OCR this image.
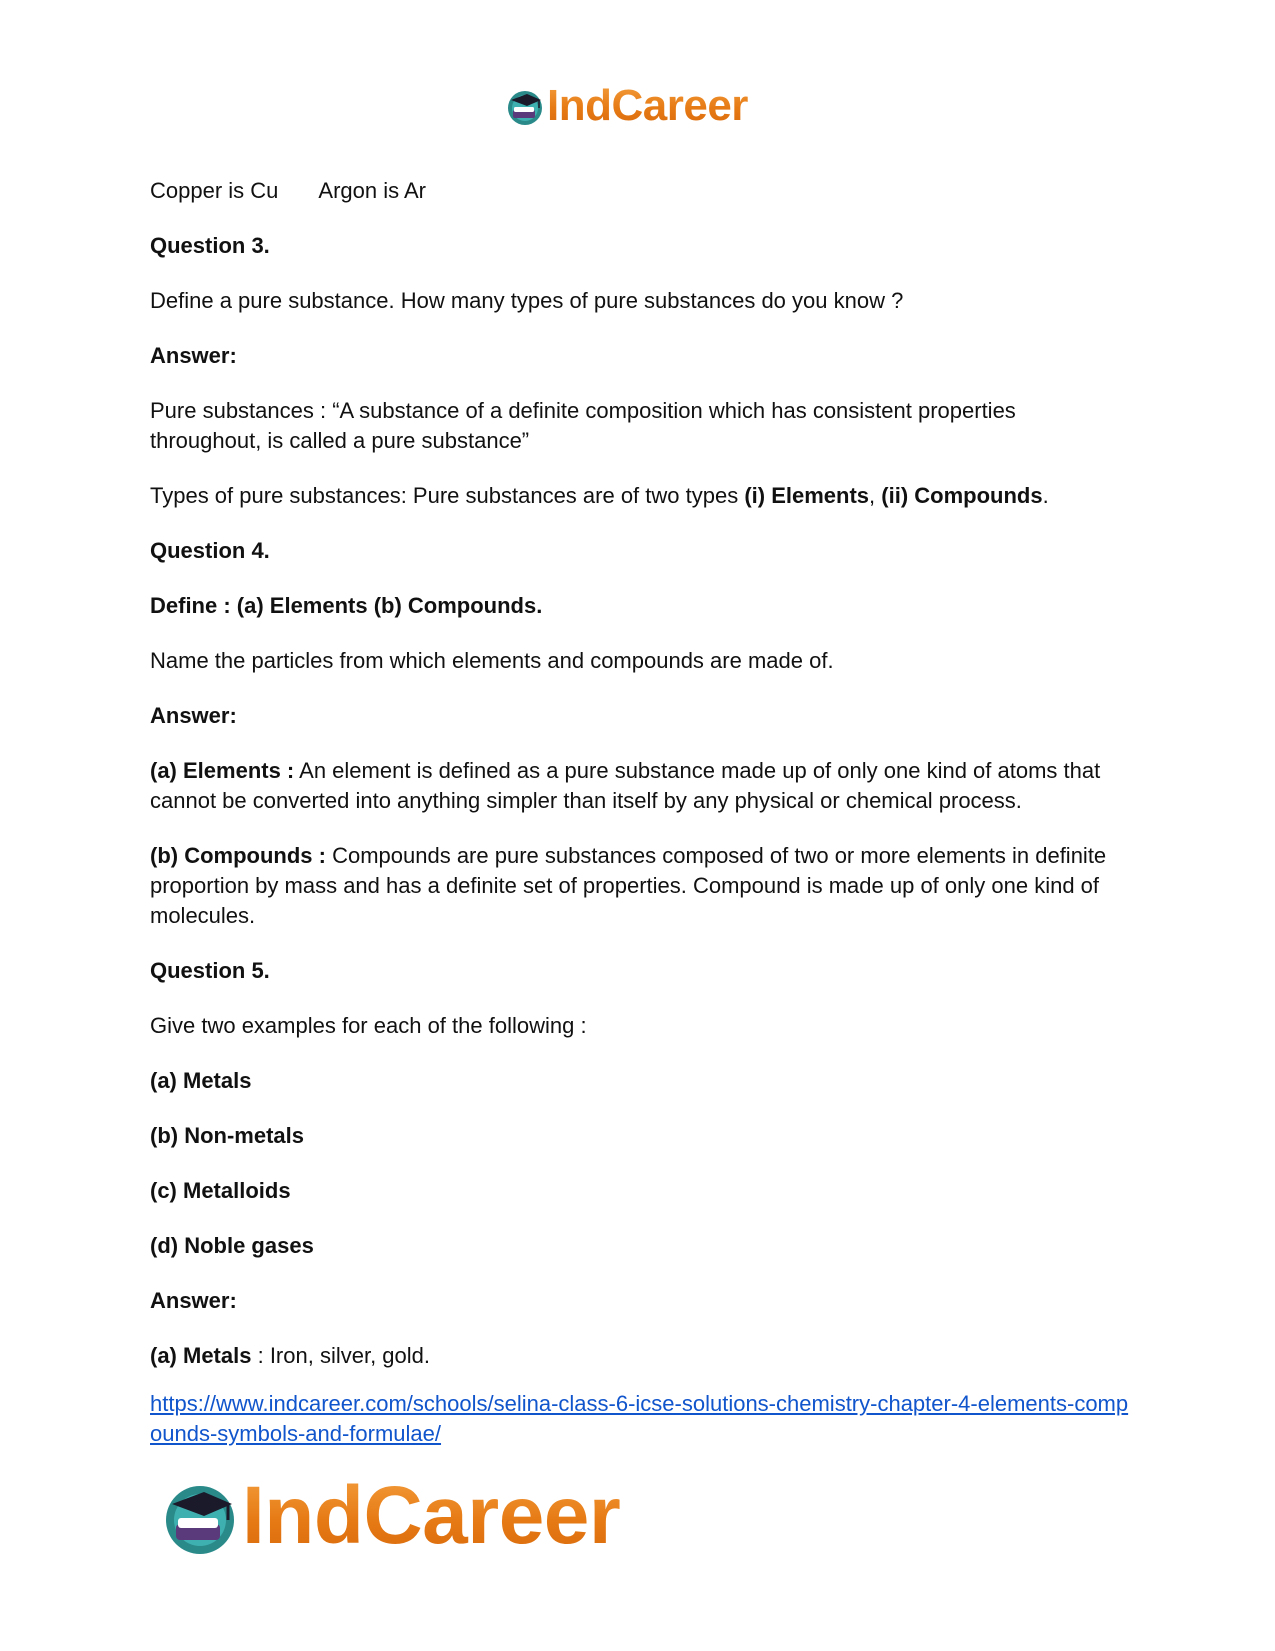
IndCareer

Copper is Cu Argon is Ar

Question 3.

Define a pure substance. How many types of pure substances do you know ?

Answer:

Pure substances : “A substance of a definite composition which has consistent properties throughout, is called a pure substance”

Types of pure substances: Pure substances are of two types (i) Elements, (ii) Compounds.

Question 4.

Define : (a) Elements (b) Compounds.

Name the particles from which elements and compounds are made of.

Answer:

(a) Elements : An element is defined as a pure substance made up of only one kind of atoms that cannot be converted into anything simpler than itself by any physical or chemical process.

(b) Compounds : Compounds are pure substances composed of two or more elements in definite proportion by mass and has a definite set of properties. Compound is made up of only one kind of molecules.

Question 5.

Give two examples for each of the following :

(a) Metals

(b) Non-metals

(c) Metalloids

(d) Noble gases

Answer:

(a) Metals : Iron, silver, gold.

https://www.indcareer.com/schools/selina-class-6-icse-solutions-chemistry-chapter-4-elements-compounds-symbols-and-formulae/

IndCareer
